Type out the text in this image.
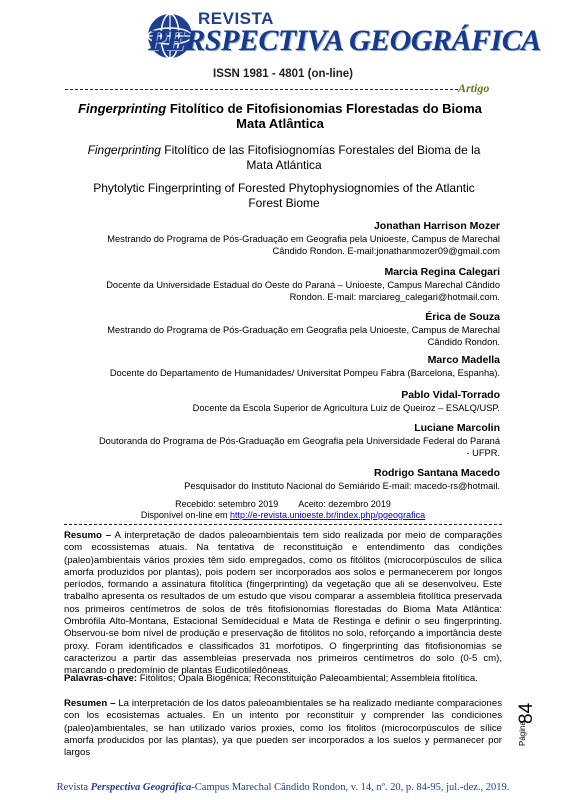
REVISTA
PERSPECTIVA GEOGRÁFICA
ISSN 1981 - 4801 (on-line)
Artigo
Fingerprinting Fitolítico de Fitofisionomias Florestadas do Bioma Mata Atlântica
Fingerprinting Fitolítico de las Fitofisiognomías Forestales del Bioma de la Mata Atlántica
Phytolytic Fingerprinting of Forested Phytophysiognomies of the Atlantic Forest Biome
Jonathan Harrison Mozer
Mestrando do Programa de Pós-Graduação em Geografia pela Unioeste, Campus de Marechal Cândido Rondon. E-mail:jonathanmozer09@gmail.com
Marcia Regina Calegari
Docente da Universidade Estadual do Oeste do Paraná – Unioeste, Campus Marechal Cândido Rondon. E-mail: marciareg_calegari@hotmail.com.
Érica de Souza
Mestrando do Programa de Pós-Graduação em Geografia pela Unioeste, Campus de Marechal Cândido Rondon.
Marco Madella
Docente do Departamento de Humanidades/ Universitat Pompeu Fabra (Barcelona, Espanha).
Pablo Vidal-Torrado
Docente da Escola Superior de Agricultura Luiz de Queiroz – ESALQ/USP.
Luciane Marcolin
Doutoranda do Programa de Pós-Graduação em Geografia pela Universidade Federal do Paraná - UFPR.
Rodrigo Santana Macedo
Pesquisador do Instituto Nacional do Semiárido E-mail: macedo-rs@hotmail.
Recebido: setembro 2019 Aceito: dezembro 2019
Disponível on-line em http://e-revista.unioeste.br/index.php/pgeografica
Resumo – A interpretação de dados paleoambientais tem sido realizada por meio de comparações com ecossistemas atuais. Na tentativa de reconstituição e entendimento das condições (paleo)ambientais vários proxies têm sido empregados, como os fitólitos (microcorpúsculos de sílica amorfa produzidos por plantas), pois podem ser incorporados aos solos e permanecerem por longos períodos, formando a assinatura fitolítica (fingerprinting) da vegetação que ali se desenvolveu. Este trabalho apresenta os resultados de um estudo que visou comparar a assembleia fitolítica preservada nos primeiros centímetros de solos de três fitofisionomias florestadas do Bioma Mata Atlântica: Ombrófila Alto-Montana, Estacional Semidecidual e Mata de Restinga e definir o seu fingerprinting. Observou-se bom nível de produção e preservação de fitólitos no solo, reforçando a importância deste proxy. Foram identificados e classificados 31 morfotipos. O fingerprinting das fitofisionomias se caracterizou a partir das assembleias preservada nos primeiros centímetros do solo (0-5 cm), marcando o predomínio de plantas Eudicotiledôneas.
Palavras-chave: Fitólitos; Opala Biogênica; Reconstituição Paleoambiental; Assembleia fitolítica.
Resumen – La interpretación de los datos paleoambientales se ha realizado mediante comparaciones con los ecosistemas actuales. En un intento por reconstituir y comprender las condiciones (paleo)ambientales, se han utilizado varios proxies, como los fitolitos (microcorpúsculos de sílice amorfa producidos por las plantas), ya que pueden ser incorporados a los suelos y permanecer por largos
Página
84
Revista Perspectiva Geográfica-Campus Marechal Cândido Rondon, v. 14, nº. 20, p. 84-95, jul.-dez., 2019.
